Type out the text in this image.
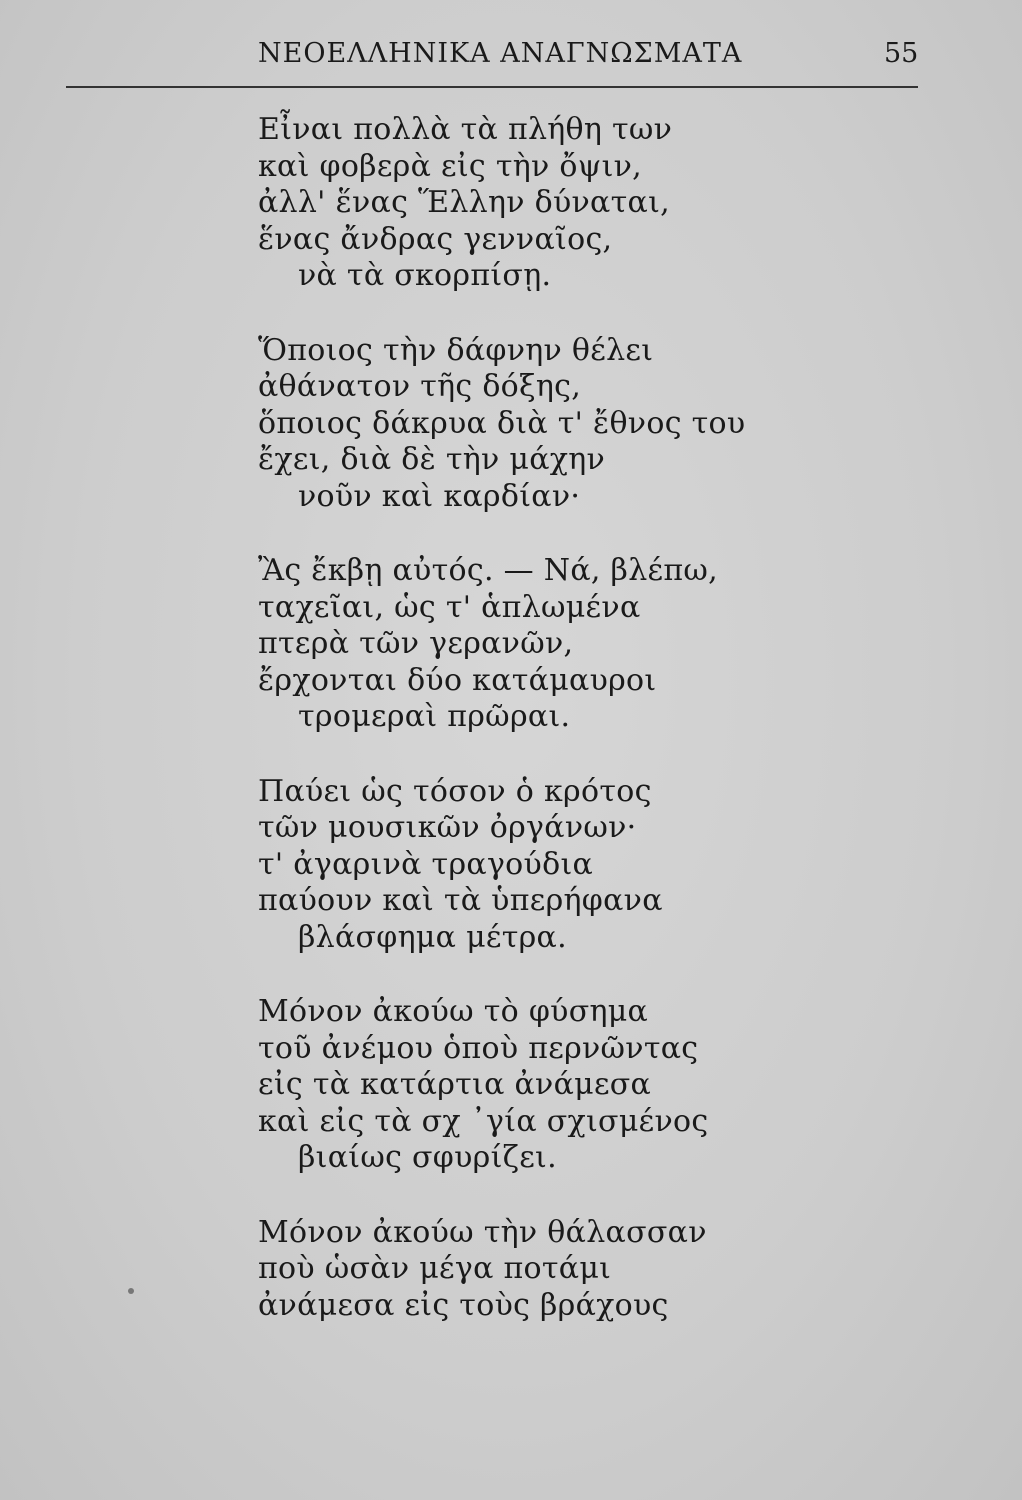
ΝΕΟΕΛΛΗΝΙΚΑ ΑΝΑΓΝΩΣΜΑΤΑ	55
Εἶναι πολλὰ τὰ πλήθη των
καὶ φοβερὰ εἰς τὴν ὄψιν,
ἀλλ' ἕνας Ἕλλην δύναται,
ἕνας ἄνδρας γενναῖος,
νὰ τὰ σκορπίσῃ.
Ὅποιος τὴν δάφνην θέλει
ἀθάνατον τῆς δόξης,
ὅποιος δάκρυα διὰ τ' ἔθνος του
ἔχει, διὰ δὲ τὴν μάχην
νοῦν καὶ καρδίαν·
Ἂς ἔκβῃ αὐτός. — Νά, βλέπω,
ταχεῖαι, ὡς τ' ἁπλωμένα
πτερὰ τῶν γερανῶν,
ἔρχονται δύο κατάμαυροι
τρομεραὶ πρῶραι.
Παύει ὡς τόσον ὁ κρότος
τῶν μουσικῶν ὀργάνων·
τ' ἀγαρινὰ τραγούδια
παύουν καὶ τὰ ὑπερήφανα
βλάσφημα μέτρα.
Μόνον ἀκούω τὸ φύσημα
τοῦ ἀνέμου ὁποὺ περνῶντας
εἰς τὰ κατάρτια ἀνάμεσα
καὶ εἰς τὰ σχ ᾿γία σχισμένος
βιαίως σφυρίζει.
Μόνον ἀκούω τὴν θάλασσαν
ποὺ ὡσὰν μέγα ποτάμι
ἀνάμεσα εἰς τοὺς βράχους
